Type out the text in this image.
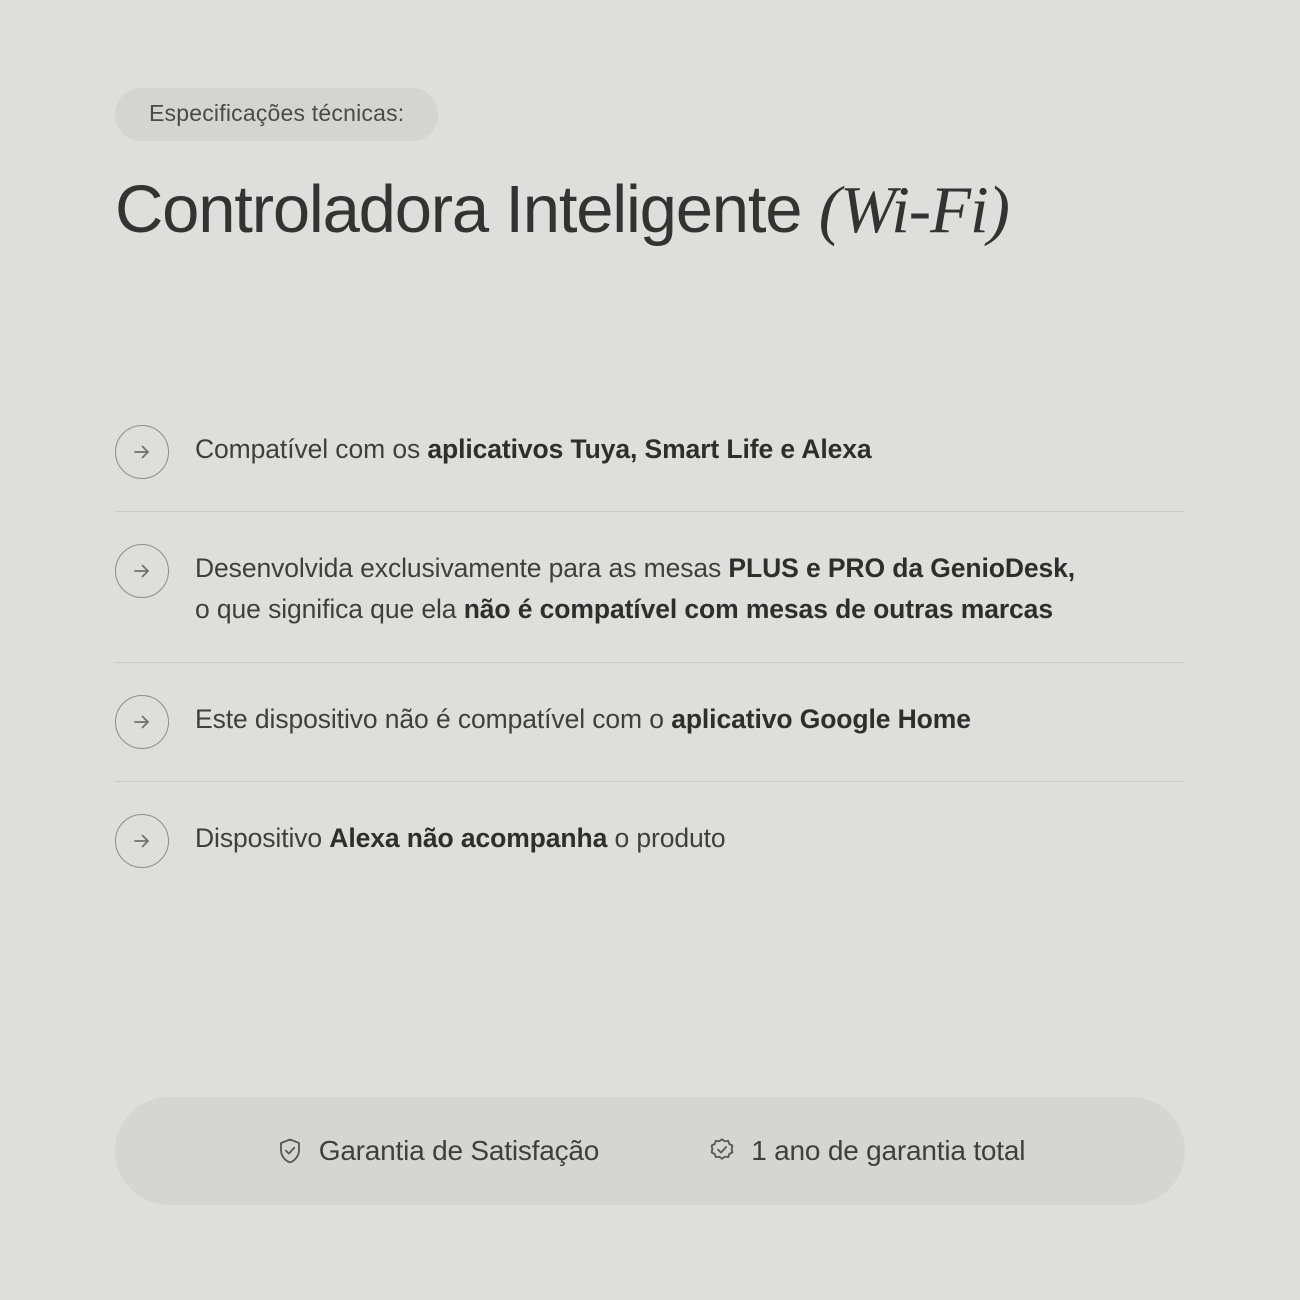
Especificações técnicas:
Controladora Inteligente (Wi-Fi)
Compatível com os aplicativos Tuya, Smart Life e Alexa
Desenvolvida exclusivamente para as mesas PLUS e PRO da GenioDesk,
o que significa que ela não é compatível com mesas de outras marcas
Este dispositivo não é compatível com o aplicativo Google Home
Dispositivo Alexa não acompanha o produto
Garantia de Satisfação	1 ano de garantia total
